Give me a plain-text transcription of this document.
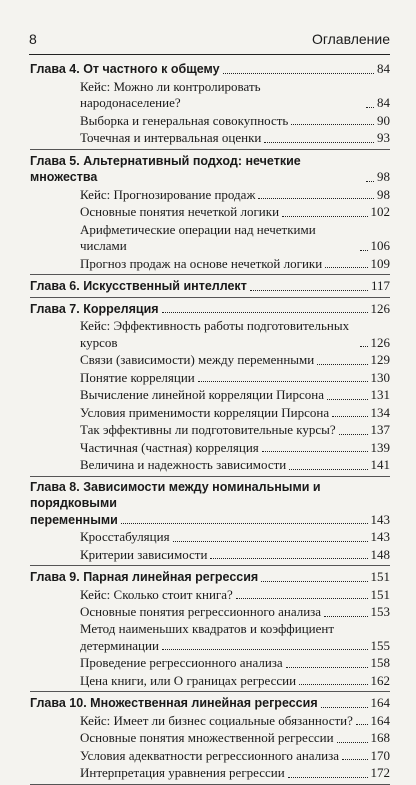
8	Оглавление
Глава 4. От частного к общему	84
Кейс: Можно ли контролировать народонаселение?	84
Выборка и генеральная совокупность	90
Точечная и интервальная оценки	93
Глава 5. Альтернативный подход: нечеткие множества	98
Кейс: Прогнозирование продаж	98
Основные понятия нечеткой логики	102
Арифметические операции над нечеткими числами	106
Прогноз продаж на основе нечеткой логики	109
Глава 6. Искусственный интеллект	117
Глава 7. Корреляция	126
Кейс: Эффективность работы подготовительных курсов	126
Связи (зависимости) между переменными	129
Понятие корреляции	130
Вычисление линейной корреляции Пирсона	131
Условия применимости корреляции Пирсона	134
Так эффективны ли подготовительные курсы?	137
Частичная (частная) корреляция	139
Величина и надежность зависимости	141
Глава 8. Зависимости между номинальными и порядковыми
переменными	143
Кросстабуляция	143
Критерии зависимости	148
Глава 9. Парная линейная регрессия	151
Кейс: Сколько стоит книга?	151
Основные понятия регрессионного анализа	153
Метод наименьших квадратов и коэффициент
детерминации	155
Проведение регрессионного анализа	158
Цена книги, или О границах регрессии	162
Глава 10. Множественная линейная регрессия	164
Кейс: Имеет ли бизнес социальные обязанности? 164
Основные понятия множественной регрессии	168
Условия адекватности регрессионного анализа 170
Интерпретация уравнения регрессии	172
